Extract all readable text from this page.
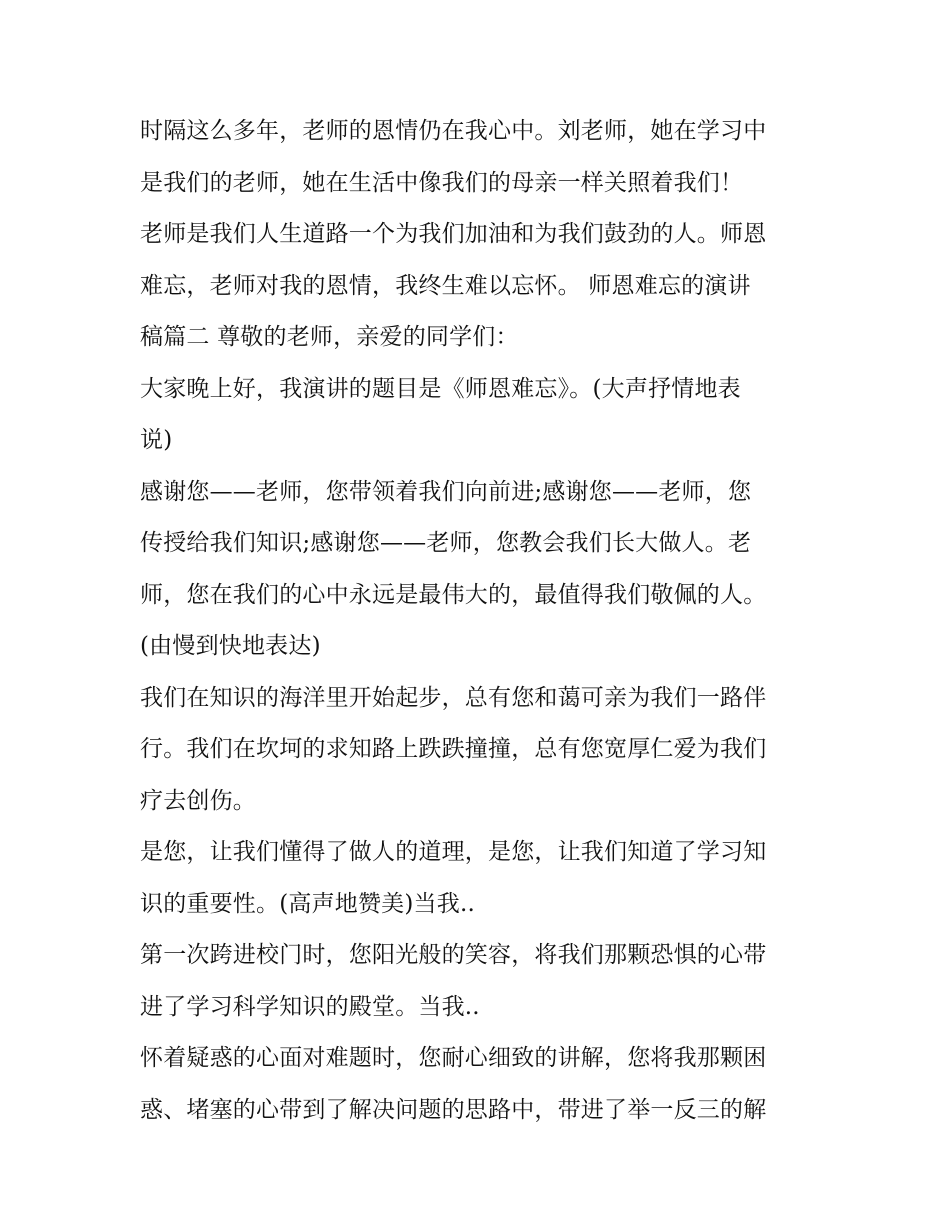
时隔这么多年，老师的恩情仍在我心中。刘老师，她在学习中
是我们的老师，她在生活中像我们的母亲一样关照着我们！
老师是我们人生道路一个为我们加油和为我们鼓劲的人。师恩
难忘，老师对我的恩情，我终生难以忘怀。 师恩难忘的演讲
稿篇二 尊敬的老师，亲爱的同学们：
大家晚上好，我演讲的题目是《师恩难忘》。(大声抒情地表
说)
感谢您——老师，您带领着我们向前进;感谢您——老师，您
传授给我们知识;感谢您——老师，您教会我们长大做人。老
师，您在我们的心中永远是最伟大的，最值得我们敬佩的人。
(由慢到快地表达)
我们在知识的海洋里开始起步，总有您和蔼可亲为我们一路伴
行。我们在坎坷的求知路上跌跌撞撞，总有您宽厚仁爱为我们
疗去创伤。
是您，让我们懂得了做人的道理，是您，让我们知道了学习知
识的重要性。(高声地赞美)当我..
第一次跨进校门时，您阳光般的笑容，将我们那颗恐惧的心带
进了学习科学知识的殿堂。当我..
怀着疑惑的心面对难题时，您耐心细致的讲解，您将我那颗困
惑、堵塞的心带到了解决问题的思路中，带进了举一反三的解
